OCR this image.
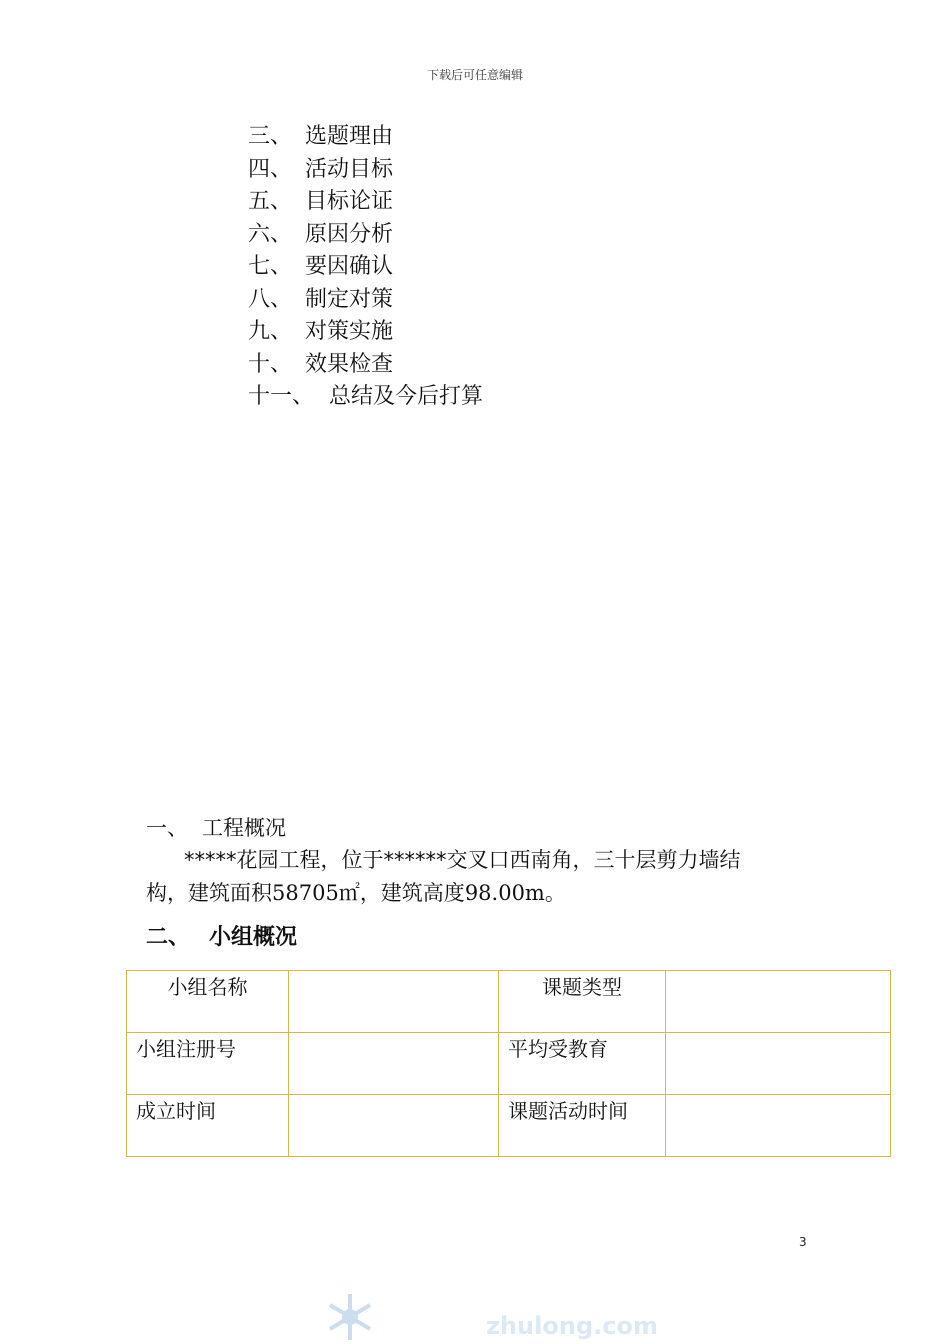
下载后可任意编辑
三、 选题理由
四、 活动目标
五、 目标论证
六、 原因分析
七、 要因确认
八、 制定对策
九、 对策实施
十、 效果检查
十一、 总结及今后打算
一、 工程概况
*****花园工程，位于******交叉口西南角，三十层剪力墙结
构，建筑面积58705㎡，建筑高度98.00m。
二、 小组概况
小组名称		课题类型	
小组注册号		平均受教育	
成立时间		课题活动时间	
3
zhulong.com
